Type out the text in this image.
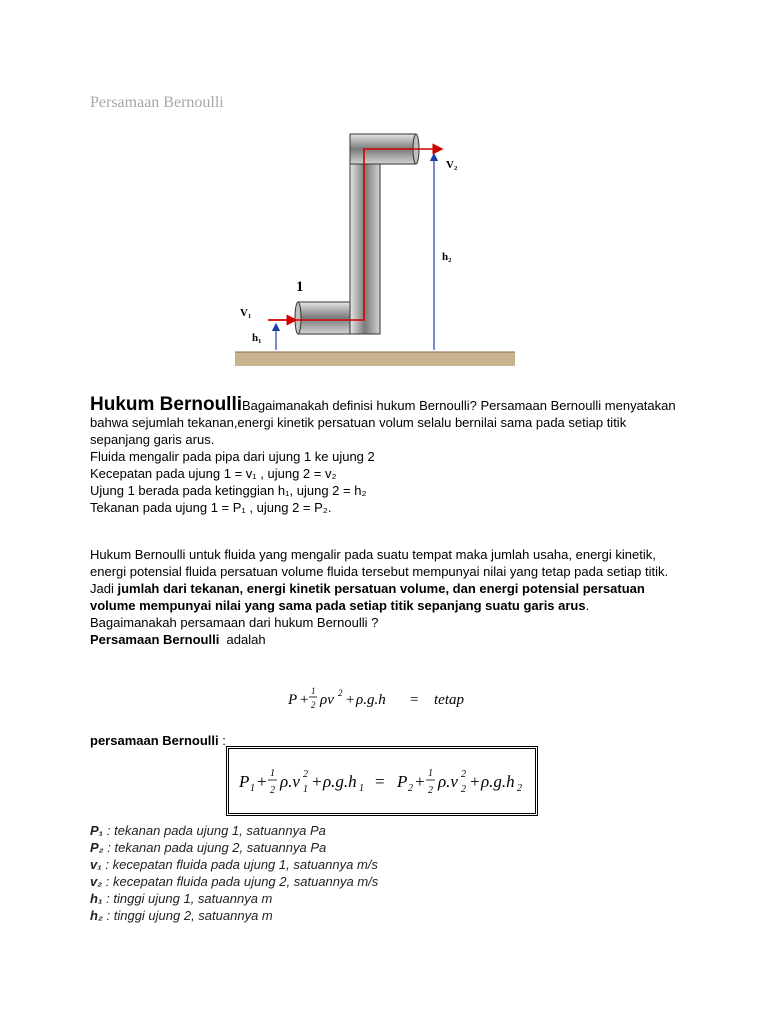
Persamaan Bernoulli
1
V₁
h₁
V₂
h₂

Hukum BernoulliBagaimanakah definisi hukum Bernoulli? Persamaan Bernoulli menyatakan bahwa sejumlah tekanan,energi kinetik persatuan volum selalu bernilai sama pada setiap titik sepanjang garis arus.

Fluida mengalir pada pipa dari ujung 1 ke ujung 2

Kecepatan pada ujung 1 = v₁ , ujung 2 = v₂

Ujung 1 berada pada ketinggian h₁, ujung 2 = h₂

Tekanan pada ujung 1 = P₁ , ujung 2 = P₂.

Hukum Bernoulli untuk fluida yang mengalir pada suatu tempat maka jumlah usaha, energi kinetik, energi potensial fluida persatuan volume fluida tersebut mempunyai nilai yang tetap pada setiap titik. Jadi jumlah dari tekanan, energi kinetik persatuan volume, dan energi potensial persatuan volume mempunyai nilai yang sama pada setiap titik sepanjang suatu garis arus.

Bagaimanakah persamaan dari hukum Bernoulli ?

Persamaan Bernoulli  adalah

P +
1
2 ρv 2 + ρ.g.h = tetap
persamaan Bernoulli :
P 1 + 1
2 ρ.v 2
1 + ρ.g.h 1 = P 2 + 1
2 ρ.v 2
2 + ρ.g.h 2

P₁ : tekanan pada ujung 1, satuannya Pa

P₂ : tekanan pada ujung 2, satuannya Pa

v₁ : kecepatan fluida pada ujung 1, satuannya m/s

v₂ : kecepatan fluida pada ujung 2, satuannya m/s

h₁ : tinggi ujung 1, satuannya m

h₂ : tinggi ujung 2, satuannya m
